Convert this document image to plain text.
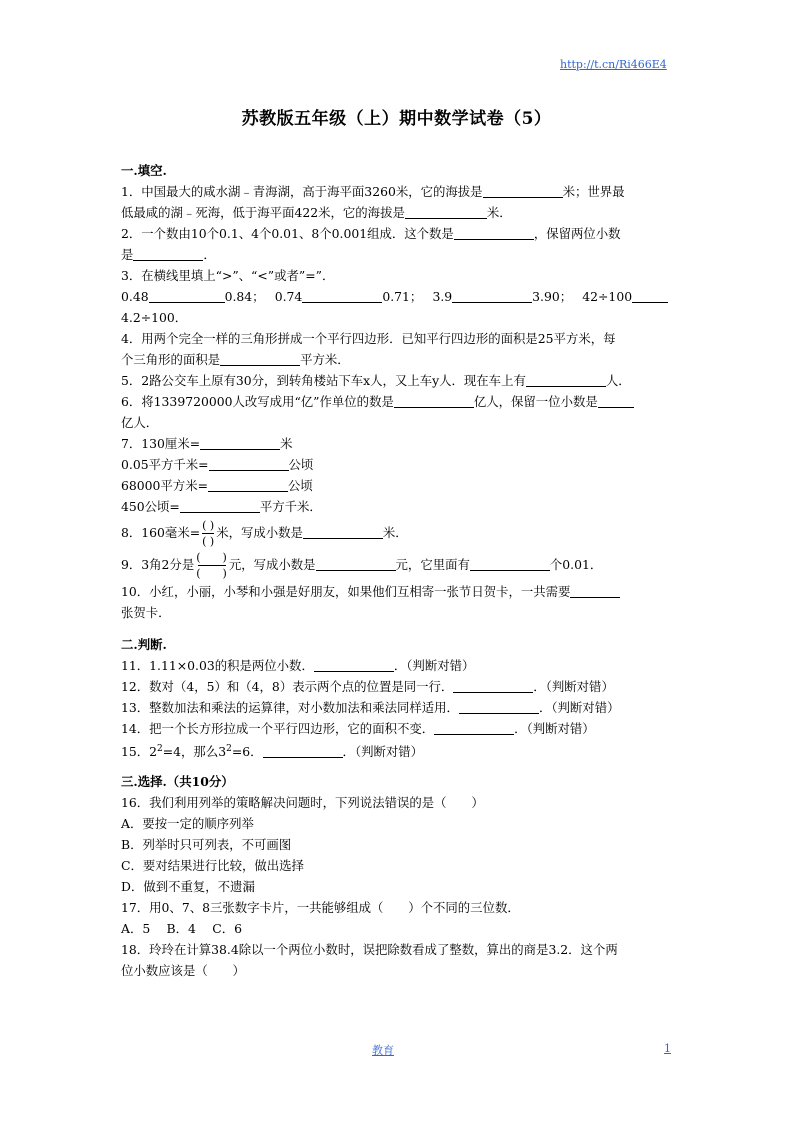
http://t.cn/Ri466E4
苏教版五年级（上）期中数学试卷（5）
一.填空.
1．中国最大的咸水湖﹣青海湖，高于海平面3260米，它的海拔是	米；世界最
低最咸的湖﹣死海，低于海平面422米，它的海拔是	米．
2．一个数由10个0.1、4个0.01、8个0.001组成．这个数是	，保留两位小数
是	．
3．在横线里填上“>”、“<”或者”=”．
0.48	0.84；　 0.74	0.71；　 3.9	3.90；　 42÷100
4.2÷100．
4．用两个完全一样的三角形拼成一个平行四边形．已知平行四边形的面积是25平方米，每
个三角形的面积是	平方米．
5．2路公交车上原有30分，到转角楼站下车x人，又上车y人．现在车上有	人．
6．将1339720000人改写成用“亿”作单位的数是	亿人，保留一位小数是
亿人．
7．130厘米=	米
0.05平方千米=	公顷
68000平方米=	公顷
450公顷=	平方千米．
8．160毫米= $\frac{( )}{( )}$ 米，写成小数是	米．
9．3角2分是 $\frac{( )}{( )}$ 元，写成小数是	元，它里面有	个0.01．
10．小红，小丽，小琴和小强是好朋友，如果他们互相寄一张节日贺卡，一共需要
张贺卡．
二.判断.
11．1.11×0.03的积是两位小数．	．（判断对错）
12．数对（4，5）和（4，8）表示两个点的位置是同一行．	．（判断对错）
13．整数加法和乘法的运算律，对小数加法和乘法同样适用．	．（判断对错）
14．把一个长方形拉成一个平行四边形，它的面积不变．	．（判断对错）
15．$2^2=4$，那么$3^2=6$．	．（判断对错）
三.选择.（共10分）
16．我们利用列举的策略解决问题时，下列说法错误的是（　　）
A．要按一定的顺序列举
B．列举时只可列表，不可画图
C．要对结果进行比较，做出选择
D．做到不重复，不遗漏
17．用0、7、8三张数字卡片，一共能够组成（　　）个不同的三位数．
A．5　 B．4　 C．6
18．玲玲在计算38.4除以一个两位小数时，误把除数看成了整数，算出的商是3.2．这个两
位小数应该是（　　）
教育	1
